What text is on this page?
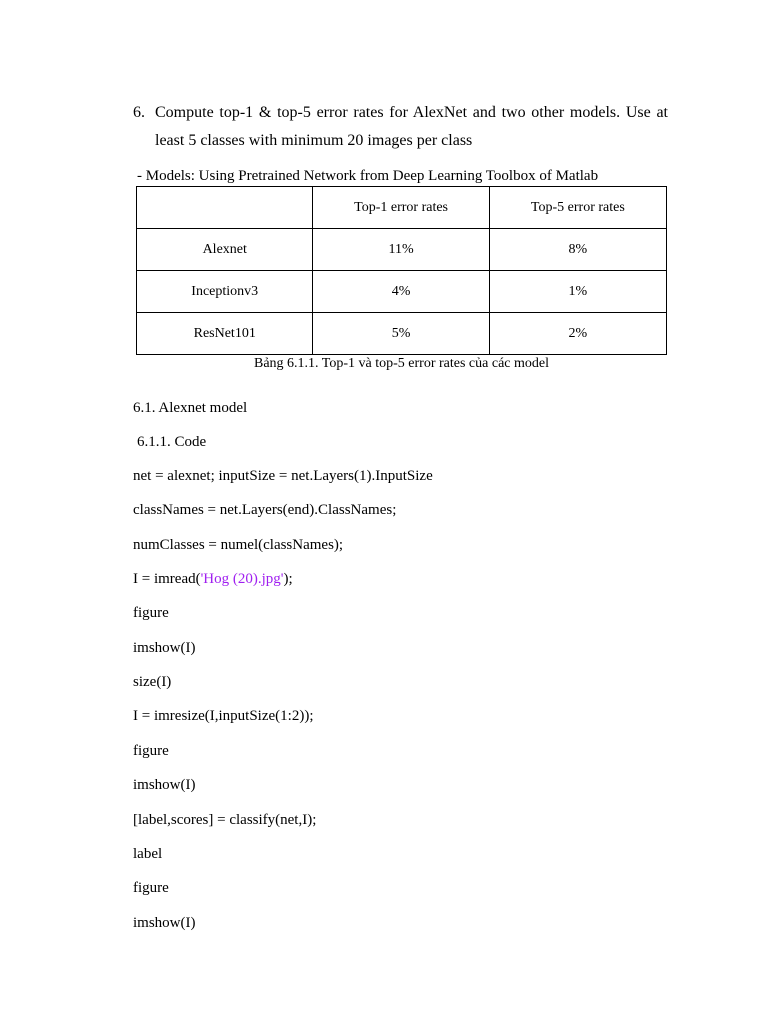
6. Compute top-1 & top-5 error rates for AlexNet and two other models. Use at
least 5 classes with minimum 20 images per class
- Models: Using Pretrained Network from Deep Learning Toolbox of Matlab
	Top-1 error rates	Top-5 error rates
Alexnet	11%	8%
Inceptionv3	4%	1%
ResNet101	5%	2%
Bảng 6.1.1. Top-1 và top-5 error rates của các model
6.1. Alexnet model
6.1.1. Code
net = alexnet; inputSize = net.Layers(1).InputSize
classNames = net.Layers(end).ClassNames;
numClasses = numel(classNames);
I = imread('Hog (20).jpg');
figure
imshow(I)
size(I)
I = imresize(I,inputSize(1:2));
figure
imshow(I)
[label,scores] = classify(net,I);
label
figure
imshow(I)
